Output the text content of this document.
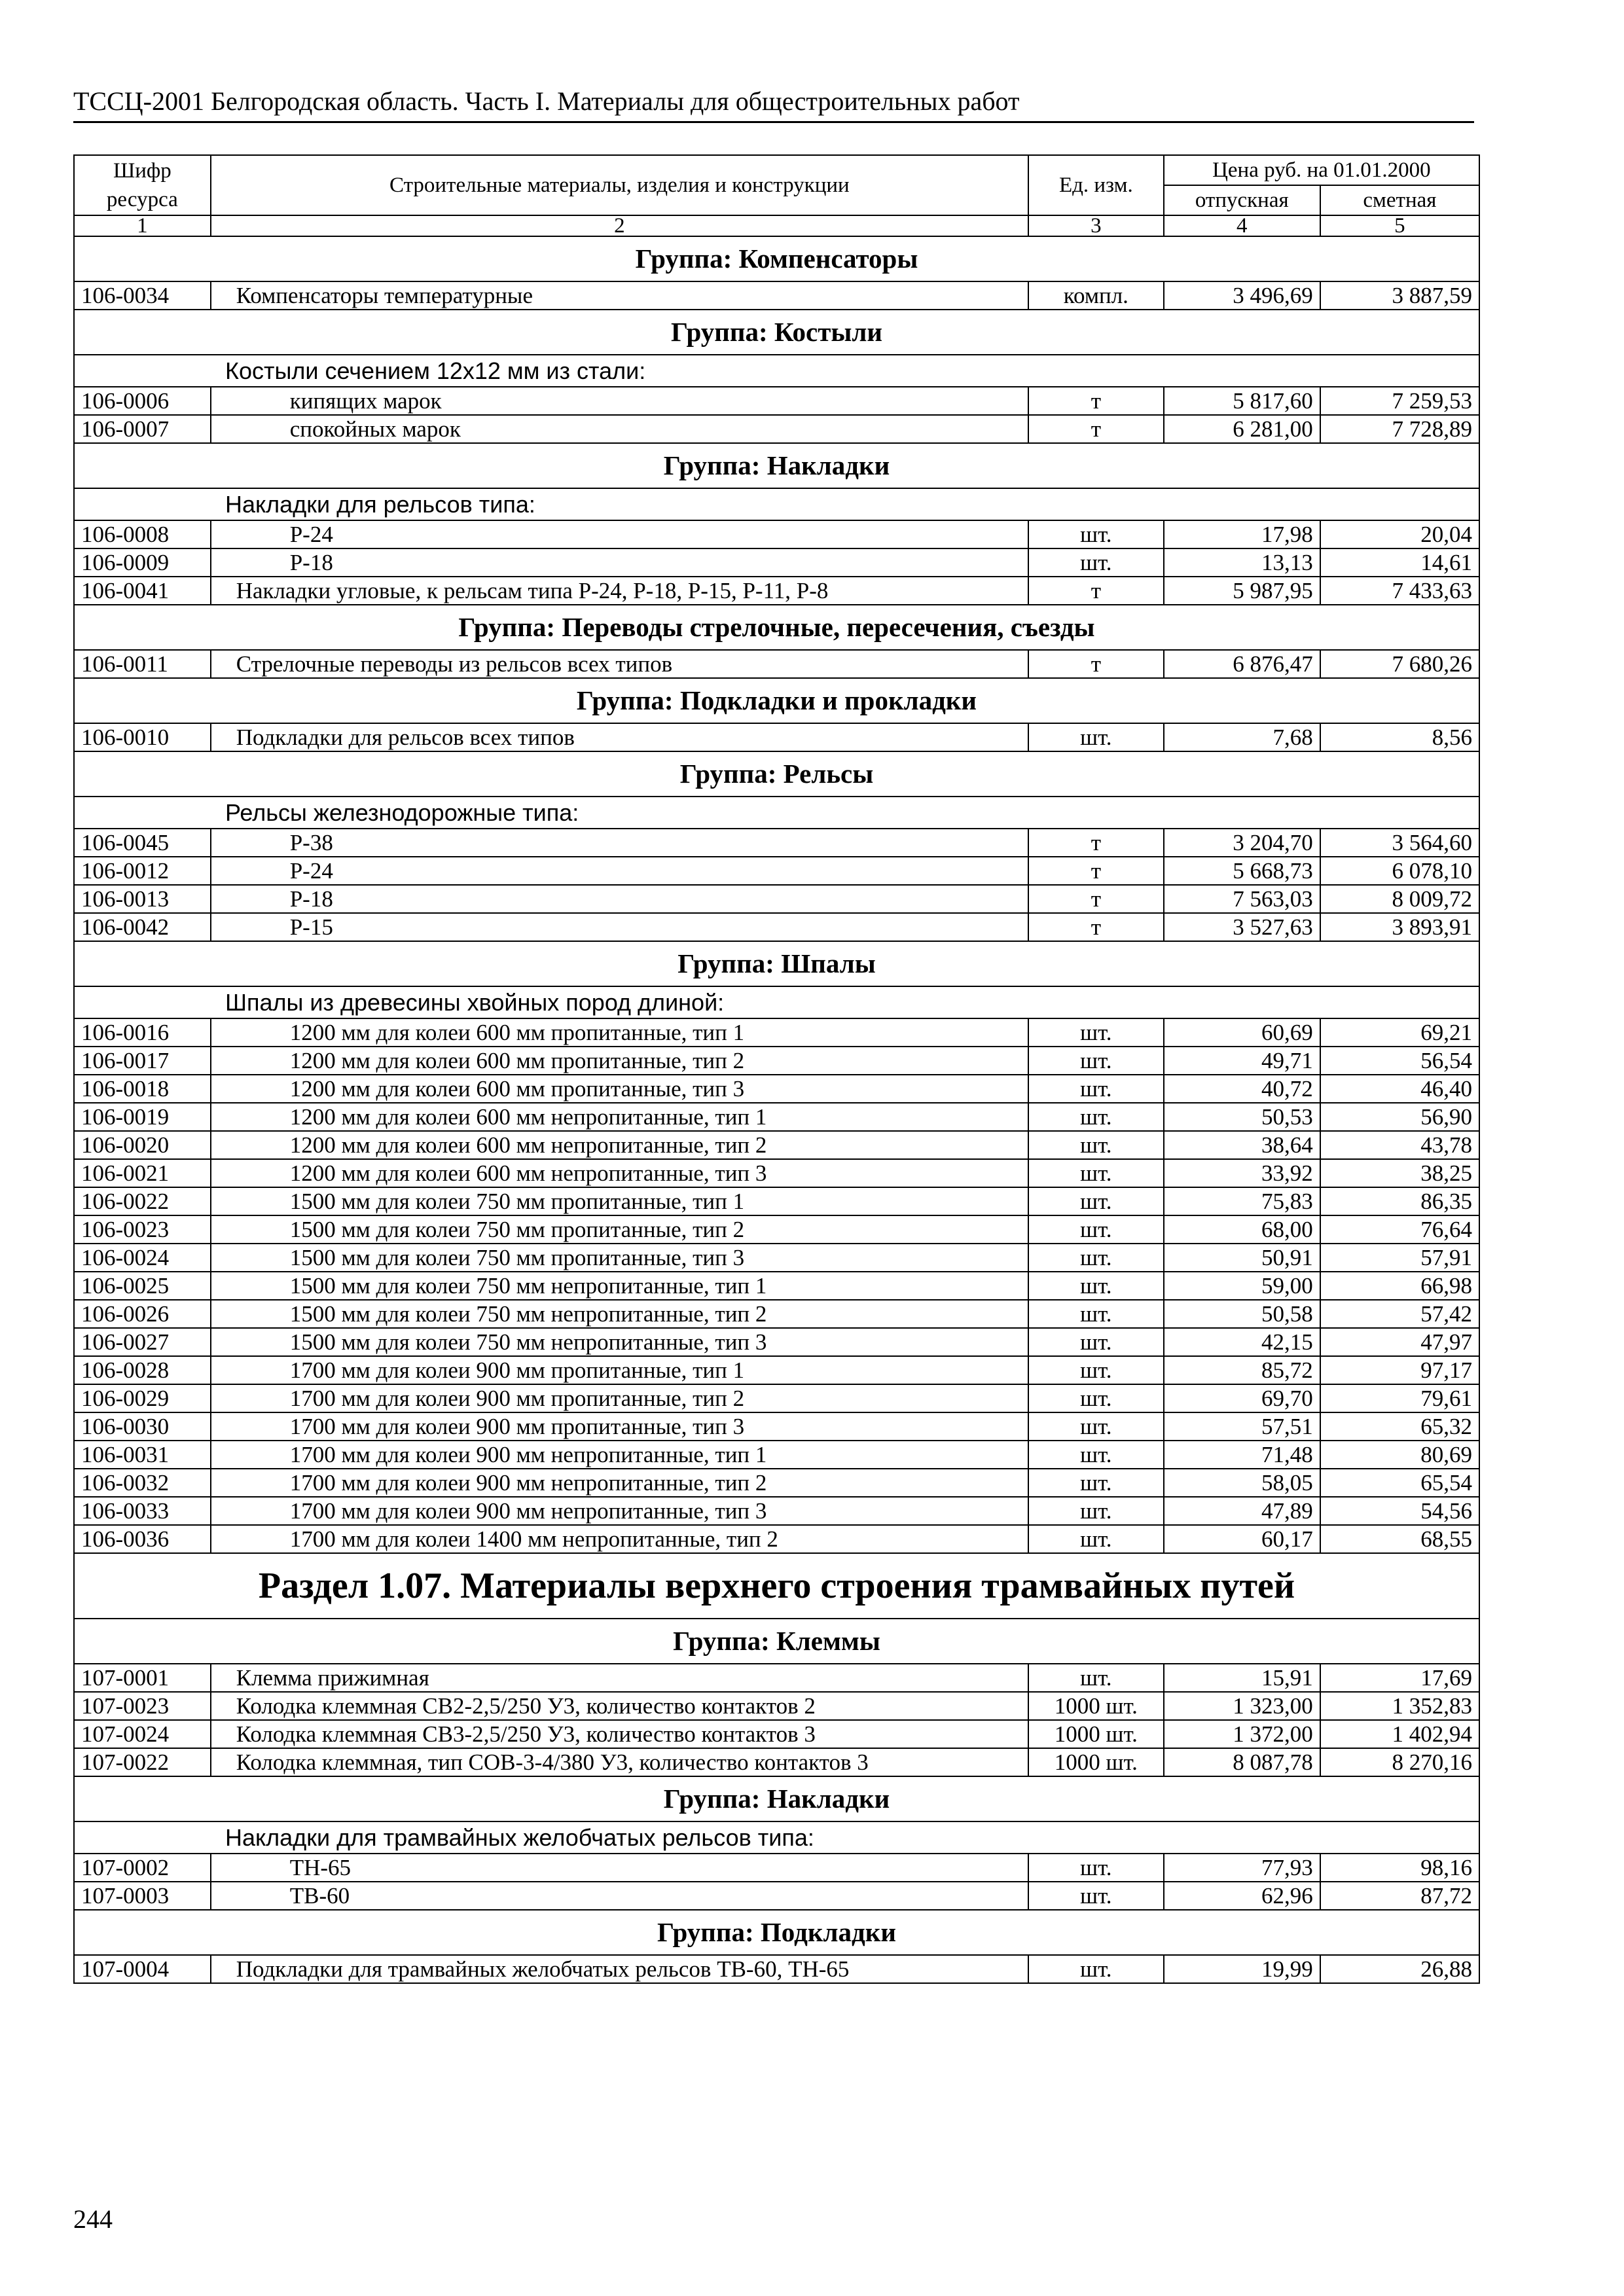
ТССЦ-2001 Белгородская область. Часть I. Материалы для общестроительных работ
Шифр ресурса	Строительные материалы, изделия и конструкции	Ед. изм.	Цена руб. на 01.01.2000	
			отпускная	сметная
1	2	3	4	5
Группа: Компенсаторы				
106-0034	Компенсаторы температурные	компл.	3 496,69	3 887,59
Группа: Костыли				
Костыли сечением 12х12 мм из стали:				
106-0006	кипящих марок	т	5 817,60	7 259,53
106-0007	спокойных марок	т	6 281,00	7 728,89
Группа: Накладки				
Накладки для рельсов типа:				
106-0008	Р-24	шт.	17,98	20,04
106-0009	Р-18	шт.	13,13	14,61
106-0041	Накладки угловые, к рельсам типа Р-24, Р-18, Р-15, Р-11, Р-8	т	5 987,95	7 433,63
Группа: Переводы стрелочные, пересечения, съезды				
106-0011	Стрелочные переводы из рельсов всех типов	т	6 876,47	7 680,26
Группа: Подкладки и прокладки				
106-0010	Подкладки для рельсов всех типов	шт.	7,68	8,56
Группа: Рельсы				
Рельсы железнодорожные типа:				
106-0045	Р-38	т	3 204,70	3 564,60
106-0012	Р-24	т	5 668,73	6 078,10
106-0013	Р-18	т	7 563,03	8 009,72
106-0042	Р-15	т	3 527,63	3 893,91
Группа: Шпалы				
Шпалы из древесины хвойных пород длиной:				
106-0016	1200 мм для колеи 600 мм пропитанные, тип 1	шт.	60,69	69,21
106-0017	1200 мм для колеи 600 мм пропитанные, тип 2	шт.	49,71	56,54
106-0018	1200 мм для колеи 600 мм пропитанные, тип 3	шт.	40,72	46,40
106-0019	1200 мм для колеи 600 мм непропитанные, тип 1	шт.	50,53	56,90
106-0020	1200 мм для колеи 600 мм непропитанные, тип 2	шт.	38,64	43,78
106-0021	1200 мм для колеи 600 мм непропитанные, тип 3	шт.	33,92	38,25
106-0022	1500 мм для колеи 750 мм пропитанные, тип 1	шт.	75,83	86,35
106-0023	1500 мм для колеи 750 мм пропитанные, тип 2	шт.	68,00	76,64
106-0024	1500 мм для колеи 750 мм пропитанные, тип 3	шт.	50,91	57,91
106-0025	1500 мм для колеи 750 мм непропитанные, тип 1	шт.	59,00	66,98
106-0026	1500 мм для колеи 750 мм непропитанные, тип 2	шт.	50,58	57,42
106-0027	1500 мм для колеи 750 мм непропитанные, тип 3	шт.	42,15	47,97
106-0028	1700 мм для колеи 900 мм пропитанные, тип 1	шт.	85,72	97,17
106-0029	1700 мм для колеи 900 мм пропитанные, тип 2	шт.	69,70	79,61
106-0030	1700 мм для колеи 900 мм пропитанные, тип 3	шт.	57,51	65,32
106-0031	1700 мм для колеи 900 мм непропитанные, тип 1	шт.	71,48	80,69
106-0032	1700 мм для колеи 900 мм непропитанные, тип 2	шт.	58,05	65,54
106-0033	1700 мм для колеи 900 мм непропитанные, тип 3	шт.	47,89	54,56
106-0036	1700 мм для колеи 1400 мм непропитанные, тип 2	шт.	60,17	68,55
Раздел 1.07. Материалы верхнего строения трамвайных путей				
Группа: Клеммы				
107-0001	Клемма прижимная	шт.	15,91	17,69
107-0023	Колодка клеммная СВ2-2,5/250 У3, количество контактов 2	1000 шт.	1 323,00	1 352,83
107-0024	Колодка клеммная СВ3-2,5/250 У3, количество контактов 3	1000 шт.	1 372,00	1 402,94
107-0022	Колодка клеммная, тип СОВ-3-4/380 У3, количество контактов 3	1000 шт.	8 087,78	8 270,16
Группа: Накладки				
Накладки для трамвайных желобчатых рельсов типа:				
107-0002	ТН-65	шт.	77,93	98,16
107-0003	ТВ-60	шт.	62,96	87,72
Группа: Подкладки				
107-0004	Подкладки для трамвайных желобчатых рельсов ТВ-60, ТН-65	шт.	19,99	26,88
244
